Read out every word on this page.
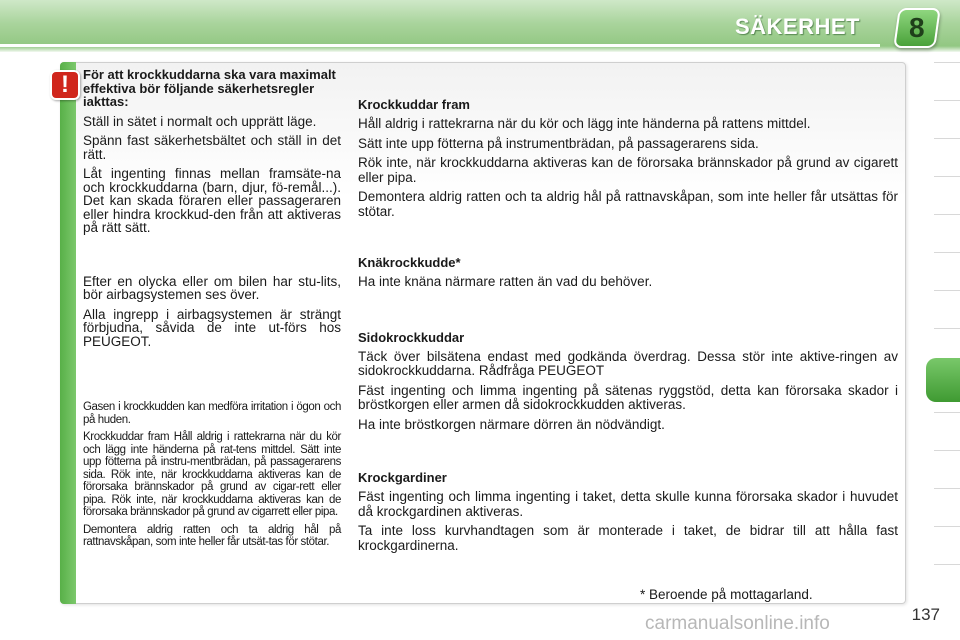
SÄKERHET 8
!	För att krockkuddarna ska vara maximalt effektiva bör följande säkerhetsregler iakttas:
Ställ in sätet i normalt och upprätt läge.
Spänn fast säkerhetsbältet och ställ in det rätt.
Låt ingenting finnas mellan framsäte-na och krockkuddarna (barn, djur, fö-remål...). Det kan skada föraren eller passageraren eller hindra krockkud-den från att aktiveras på rätt sätt.
Efter en olycka eller om bilen har stu-lits, bör airbagsystemen ses över.
Alla ingrepp i airbagsystemen är strängt förbjudna, såvida de inte ut-förs hos PEUGEOT.
Gasen i krockkudden kan medföra irritation i ögon och på huden.
Krockkuddar fram Håll aldrig i rattekrarna när du kör och lägg inte händerna på rat-tens mittdel. Sätt inte upp fötterna på instru-mentbrädan, på passagerarens sida. Rök inte, när krockkuddarna aktiveras kan de förorsaka brännskador på grund av cigar-rett eller pipa. Rök inte, när krockkuddarna aktiveras kan de förorsaka brännskador på grund av cigarrett eller pipa.
Demontera aldrig ratten och ta aldrig hål på rattnavskåpan, som inte heller får utsät-tas för stötar.
Krockkuddar fram
Håll aldrig i rattekrarna när du kör och lägg inte händerna på rattens mittdel.
Sätt inte upp fötterna på instrumentbrädan, på passagerarens sida.
Rök inte, när krockkuddarna aktiveras kan de förorsaka brännskador på grund av cigarett eller pipa.
Demontera aldrig ratten och ta aldrig hål på rattnavskåpan, som inte heller får utsättas för stötar.
Knäkrockkudde*
Ha inte knäna närmare ratten än vad du behöver.
Sidokrockkuddar
Täck över bilsätena endast med godkända överdrag. Dessa stör inte aktive-ringen av sidokrockkuddarna. Rådfråga PEUGEOT
Fäst ingenting och limma ingenting på sätenas ryggstöd, detta kan förorsaka skador i bröstkorgen eller armen då sidokrockkudden aktiveras.
Ha inte bröstkorgen närmare dörren än nödvändigt.
Krockgardiner
Fäst ingenting och limma ingenting i taket, detta skulle kunna förorsaka skador i huvudet då krockgardinen aktiveras.
Ta inte loss kurvhandtagen som är monterade i taket, de bidrar till att hålla fast krockgardinerna.
* Beroende på mottagarland.
carmanualsonline.info	137
